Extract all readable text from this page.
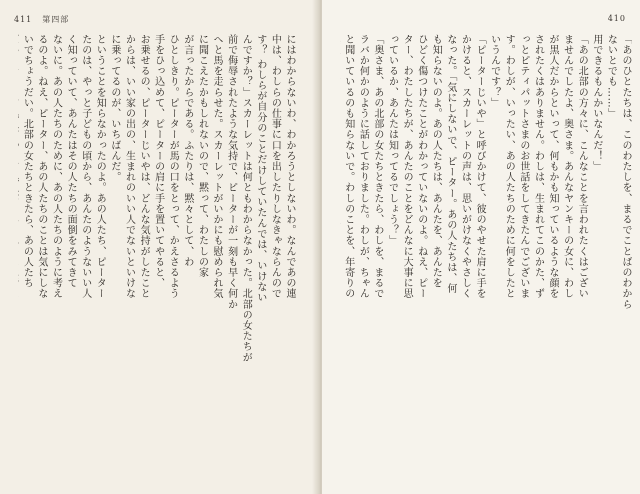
411 第四部

にはわからないわ、わかろうとしないわ。なんであの連

中は、わしらの仕事に口を出したりしなきゃならんので

す？ わしらが自分のことだけしていたんでは、いけない

んですか？」スカーレットは何ともわからなかった。北部の女たちが

前で侮辱されたような気持で、ピーターが一刻も早く何か

へと馬を走らせた。スカーレットがいかにも慰められ気

に聞こえたかもしれないので、黙って、わたしの家

が言ったからである。ふたりは、黙々として、わ

ひとしきり。ピーターが馬の口をとって、かえさるよう

手をひっ込めて、ピーターの肩に手を置いてやると、

お乗せるの、ピーターじいやは、どんな気持がしたこと

からは、いい家の出の、生まれのいい人でないといけな

に乗ってるのが、いちばんだ。

ということを知らなかったのよ。あの人たち、ピーター

たのは、やっと子どもの頃から、あんたのようないい人

く知っていて、あんたはその人たちの面倒をみてきて

ないに。あの人たちのために、あの人たちのように考え

るのよ。ねえ、ピーター、あの人たちのことは気にしな

いでちょうだい。北部の女たちときたら、あの人たち

410

「あのひとたちは、このわたしを、まるでことばのわから

ないとでも……」

用できるもんかいなんだ！」

「あの北部の方々に、こんなことを言われたくはござい

ませんでしたよ、奥さま。あんなヤンキーの女に、わし

が黒人だからといって、何もかも知っているような顔を

されたくはありません。わしは、生まれてこのかた、ず

っとピティパットさまのお世話をしてきたんでございま

す。わしが、いったい、あの人たちのために何をしたと

いうんです？」

「ピーターじいや」と呼びかけて、彼のやせた肩に手を

かけると、スカーレットの声は、思いがけなくやさしく

なった。「気にしないで、ピーター。あの人たちは、何

も知らないのよ。あの人たちは、あんたを、あんたを

ひどく傷つけたことがわかっていないのよ。ねえ、ピー

ター、わたしたちが、あんたのことをどんなに大事に思

っているか、あんたは知ってるでしょう？」

「奥さま、あの北部の女たちときたら、わしを、まるで

ラバか何かのように話しておりました。わしが、ちゃん

と聞いているのも知らないで。わしのことを、年寄りの
